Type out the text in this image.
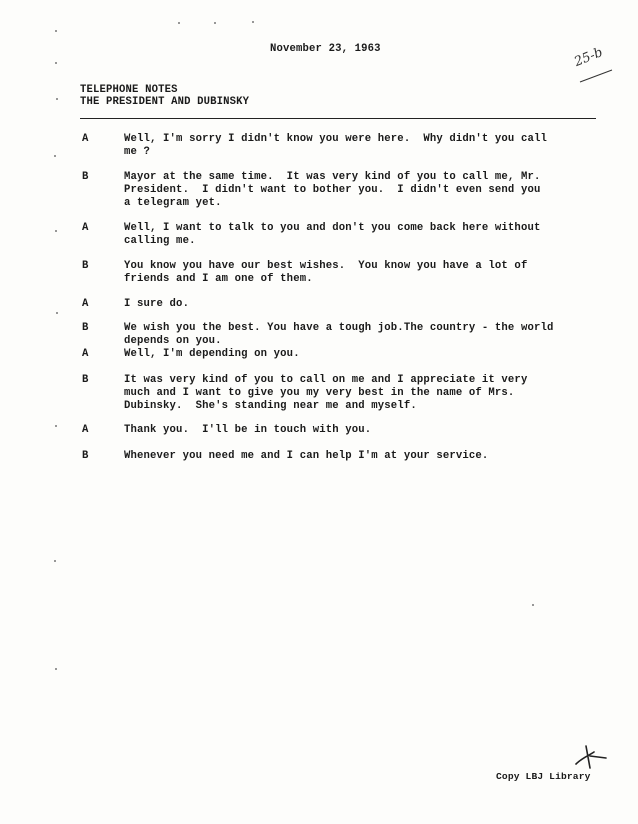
November 23, 1963	25-b
TELEPHONE NOTES
THE PRESIDENT AND DUBINSKY
A	Well, I'm sorry I didn't know you were here.  Why didn't you call
me ?
B	Mayor at the same time.  It was very kind of you to call me, Mr.
President.  I didn't want to bother you.  I didn't even send you
a telegram yet.
A	Well, I want to talk to you and don't you come back here without
calling me.
B	You know you have our best wishes.  You know you have a lot of
friends and I am one of them.
A	I sure do.
B	We wish you the best. You have a tough job.The country - the world
depends on you.
A	Well, I'm depending on you.
B	It was very kind of you to call on me and I appreciate it very
much and I want to give you my very best in the name of Mrs.
Dubinsky.  She's standing near me and myself.
A	Thank you.  I'll be in touch with you.
B	Whenever you need me and I can help I'm at your service.
Copy LBJ Library
